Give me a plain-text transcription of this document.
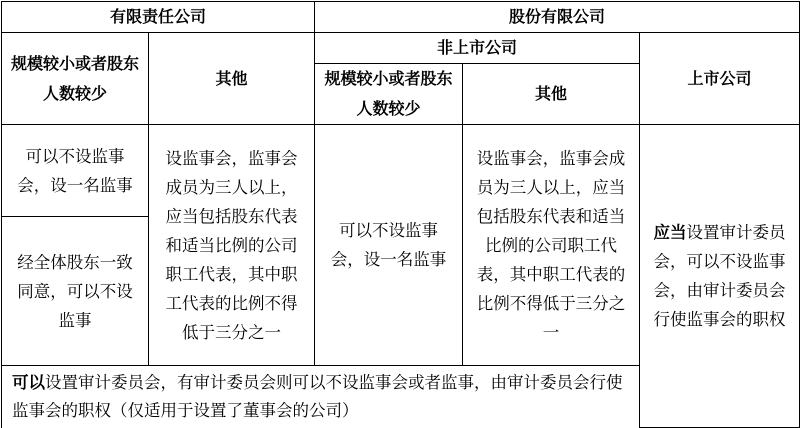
有限责任公司		股份有限公司		
规模较小或者股东人数较少	其他	非上市公司		上市公司
		规模较小或者股东人数较少	其他	
可以不设监事会，设一名监事	设监事会，监事会成员为三人以上，应当包括股东代表和适当比例的公司职工代表，其中职工代表的比例不得低于三分之一	可以不设监事会，设一名监事	设监事会，监事会成员为三人以上，应当包括股东代表和适当比例的公司职工代表，其中职工代表的比例不得低于三分之一	应当设置审计委员会，可以不设监事会，由审计委员会行使监事会的职权
经全体股东一致同意，可以不设监事				
可以设置审计委员会，有审计委员会则可以不设监事会或者监事，由审计委员会行使监事会的职权（仅适用于设置了董事会的公司）				
